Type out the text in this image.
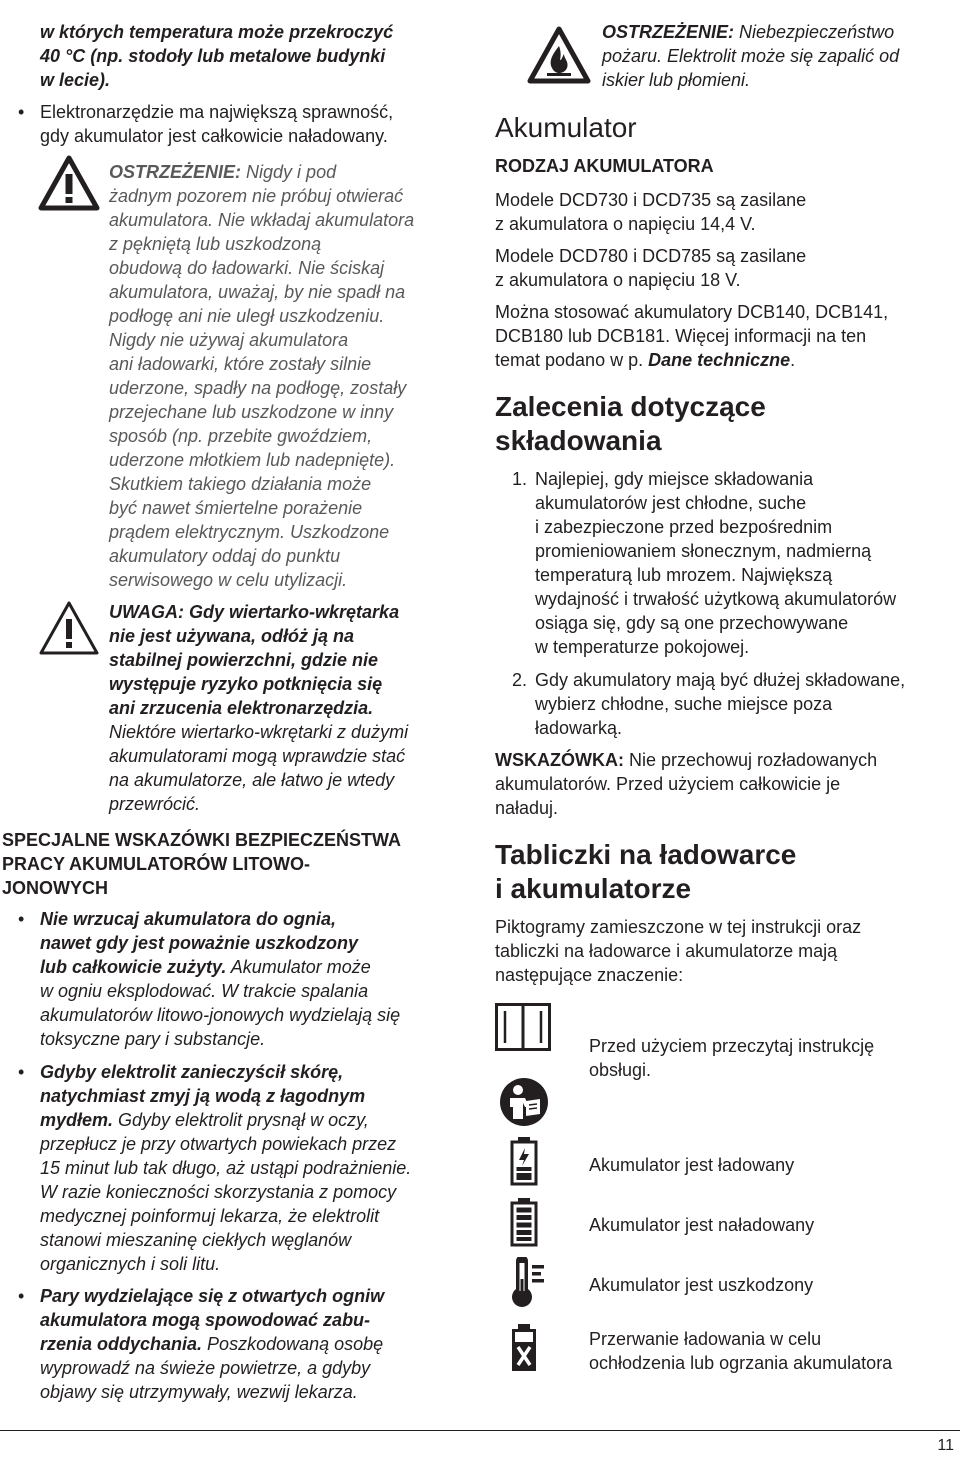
w których temperatura może przekroczyć

40 °C (np. stodoły lub metalowe budynki

w lecie).

• Elektronarzędzie ma największą sprawność,

gdy akumulator jest całkowicie naładowany.

OSTRZEŻENIE: Nigdy i pod

żadnym pozorem nie próbuj otwierać

akumulatora. Nie wkładaj akumulatora

z pękniętą lub uszkodzoną

obudową do ładowarki. Nie ściskaj

akumulatora, uważaj, by nie spadł na

podłogę ani nie uległ uszkodzeniu.

Nigdy nie używaj akumulatora

ani ładowarki, które zostały silnie

uderzone, spadły na podłogę, zostały

przejechane lub uszkodzone w inny

sposób (np. przebite gwoździem,

uderzone młotkiem lub nadepnięte).

Skutkiem takiego działania może

być nawet śmiertelne porażenie

prądem elektrycznym. Uszkodzone

akumulatory oddaj do punktu

serwisowego w celu utylizacji.

UWAGA: Gdy wiertarko-wkrętarka

nie jest używana, odłóż ją na

stabilnej powierzchni, gdzie nie

występuje ryzyko potknięcia się

ani zrzucenia elektronarzędzia.

Niektóre wiertarko-wkrętarki z dużymi

akumulatorami mogą wprawdzie stać

na akumulatorze, ale łatwo je wtedy

przewrócić.

SPECJALNE WSKAZÓWKI BEZPIECZEŃSTWA

PRACY AKUMULATORÓW LITOWO-

JONOWYCH

• Nie wrzucaj akumulatora do ognia,

nawet gdy jest poważnie uszkodzony

lub całkowicie zużyty. Akumulator może

w ogniu eksplodować. W trakcie spalania

akumulatorów litowo-jonowych wydzielają się

toksyczne pary i substancje.

• Gdyby elektrolit zanieczyścił skórę,

natychmiast zmyj ją wodą z łagodnym

mydłem. Gdyby elektrolit prysnął w oczy,

przepłucz je przy otwartych powiekach przez

15 minut lub tak długo, aż ustąpi podrażnienie.

W razie konieczności skorzystania z pomocy

medycznej poinformuj lekarza, że elektrolit

stanowi mieszaninę ciekłych węglanów

organicznych i soli litu.

• Pary wydzielające się z otwartych ogniw

akumulatora mogą spowodować zabu-

rzenia oddychania. Poszkodowaną osobę

wyprowadź na świeże powietrze, a gdyby

objawy się utrzymywały, wezwij lekarza.

OSTRZEŻENIE: Niebezpieczeństwo

pożaru. Elektrolit może się zapalić od

iskier lub płomieni.

Akumulator

RODZAJ AKUMULATORA

Modele DCD730 i DCD735 są zasilane

z akumulatora o napięciu 14,4 V.

Modele DCD780 i DCD785 są zasilane

z akumulatora o napięciu 18 V.

Można stosować akumulatory DCB140, DCB141,

DCB180 lub DCB181. Więcej informacji na ten

temat podano w p. Dane techniczne.

Zalecenia dotyczące

składowania

1. Najlepiej, gdy miejsce składowania

akumulatorów jest chłodne, suche

i zabezpieczone przed bezpośrednim

promieniowaniem słonecznym, nadmierną

temperaturą lub mrozem. Największą

wydajność i trwałość użytkową akumulatorów

osiąga się, gdy są one przechowywane

w temperaturze pokojowej.

2. Gdy akumulatory mają być dłużej składowane,

wybierz chłodne, suche miejsce poza

ładowarką.

WSKAZÓWKA: Nie przechowuj rozładowanych

akumulatorów. Przed użyciem całkowicie je

naładuj.

Tabliczki na ładowarce

i akumulatorze

Piktogramy zamieszczone w tej instrukcji oraz

tabliczki na ładowarce i akumulatorze mają

następujące znaczenie:

Przed użyciem przeczytaj instrukcję

obsługi.

Akumulator jest ładowany

Akumulator jest naładowany

Akumulator jest uszkodzony

Przerwanie ładowania w celu

ochłodzenia lub ogrzania akumulatora

11
